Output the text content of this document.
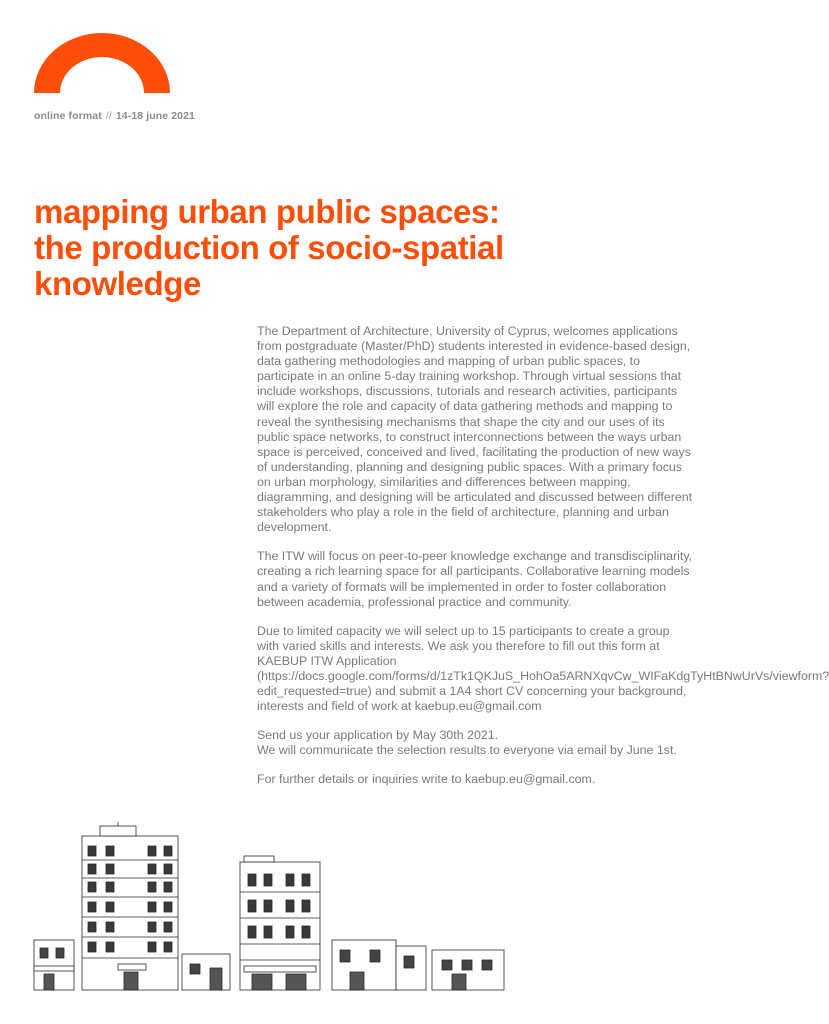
online format // 14-18 june 2021
mapping urban public spaces:
the production of socio-spatial
knowledge

The Department of Architecture, University of Cyprus, welcomes applications from postgraduate (Master/PhD) students interested in evidence-based design, data gathering methodologies and mapping of urban public spaces, to participate in an online 5-day training workshop. Through virtual sessions that include workshops, discussions, tutorials and research activities, participants will explore the role and capacity of data gathering methods and mapping to reveal the synthesising mechanisms that shape the city and our uses of its public space networks, to construct interconnections between the ways urban space is perceived, conceived and lived, facilitating the production of new ways of understanding, planning and designing public spaces. With a primary focus on urban morphology, similarities and differences between mapping, diagramming, and designing will be articulated and discussed between different stakeholders who play a role in the field of architecture, planning and urban development.

The ITW will focus on peer-to-peer knowledge exchange and transdisciplinarity, creating a rich learning space for all participants. Collaborative learning models and a variety of formats will be implemented in order to foster collaboration between academia, professional practice and community.

Due to limited capacity we will select up to 15 participants to create a group with varied skills and interests. We ask you therefore to fill out this form at KAEBUP ITW Application (https://docs.google.com/forms/d/1zTk1QKJuS_HohOa5ARNXqvCw_WIFaKdgTyHtBNwUrVs/viewform?edit_requested=true) and submit a 1A4 short CV concerning your background, interests and field of work at kaebup.eu@gmail.com

Send us your application by May 30th 2021.
We will communicate the selection results to everyone via email by June 1st.

For further details or inquiries write to kaebup.eu@gmail.com.
